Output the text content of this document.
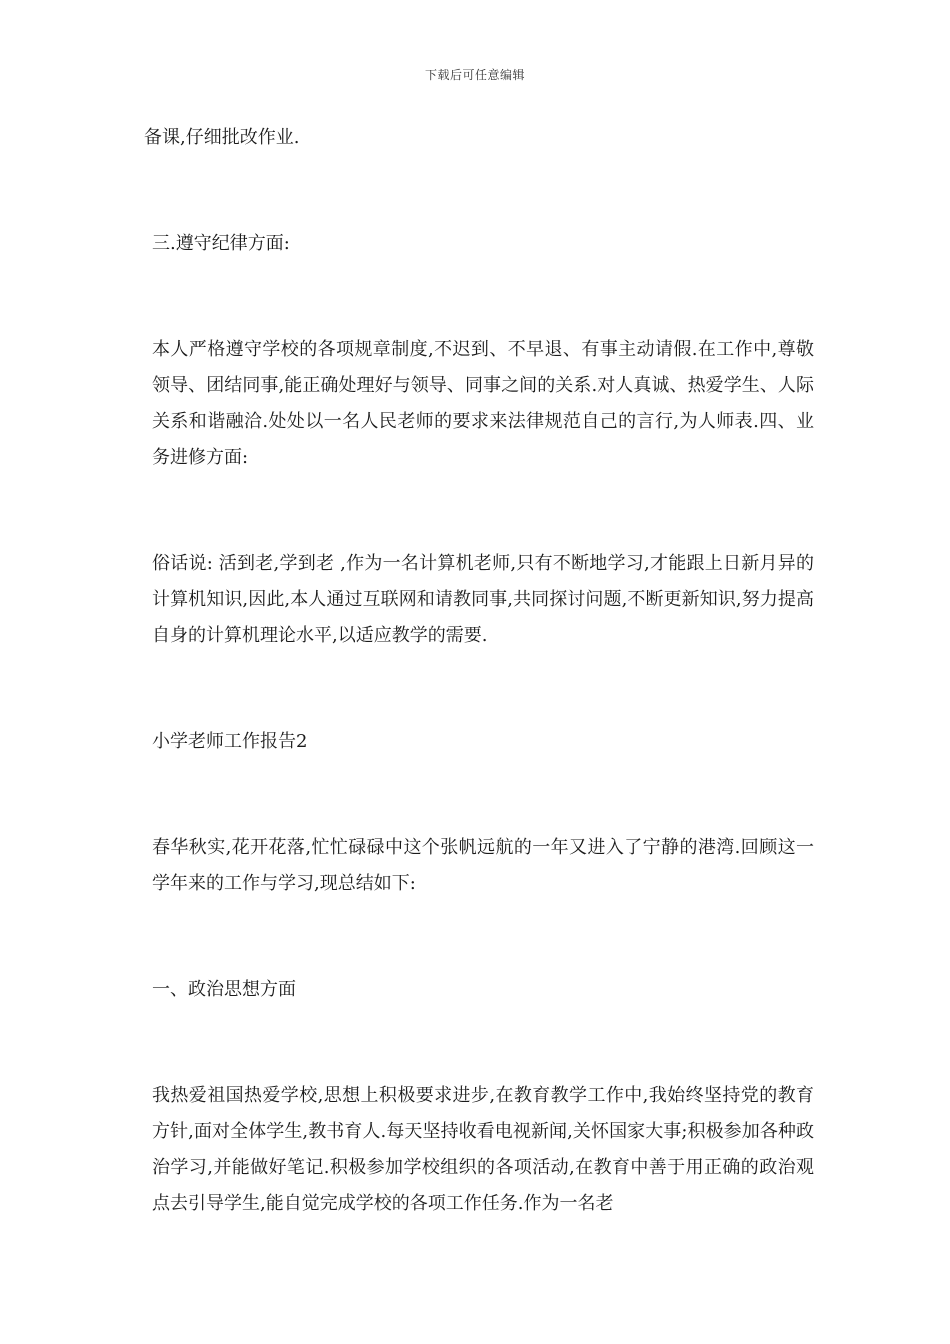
下载后可任意编辑

备课,仔细批改作业.

三.遵守纪律方面:

本人严格遵守学校的各项规章制度,不迟到、不早退、有事主动请假.在工作中,尊敬领导、团结同事,能正确处理好与领导、同事之间的关系.对人真诚、热爱学生、人际关系和谐融洽.处处以一名人民老师的要求来法律规范自己的言行,为人师表.四、业务进修方面:

俗话说: 活到老,学到老 ,作为一名计算机老师,只有不断地学习,才能跟上日新月异的计算机知识,因此,本人通过互联网和请教同事,共同探讨问题,不断更新知识,努力提高自身的计算机理论水平,以适应教学的需要.

小学老师工作报告2

春华秋实,花开花落,忙忙碌碌中这个张帆远航的一年又进入了宁静的港湾.回顾这一学年来的工作与学习,现总结如下:

一、政治思想方面

我热爱祖国热爱学校,思想上积极要求进步,在教育教学工作中,我始终坚持党的教育方针,面对全体学生,教书育人.每天坚持收看电视新闻,关怀国家大事;积极参加各种政治学习,并能做好笔记.积极参加学校组织的各项活动,在教育中善于用正确的政治观点去引导学生,能自觉完成学校的各项工作任务.作为一名老
